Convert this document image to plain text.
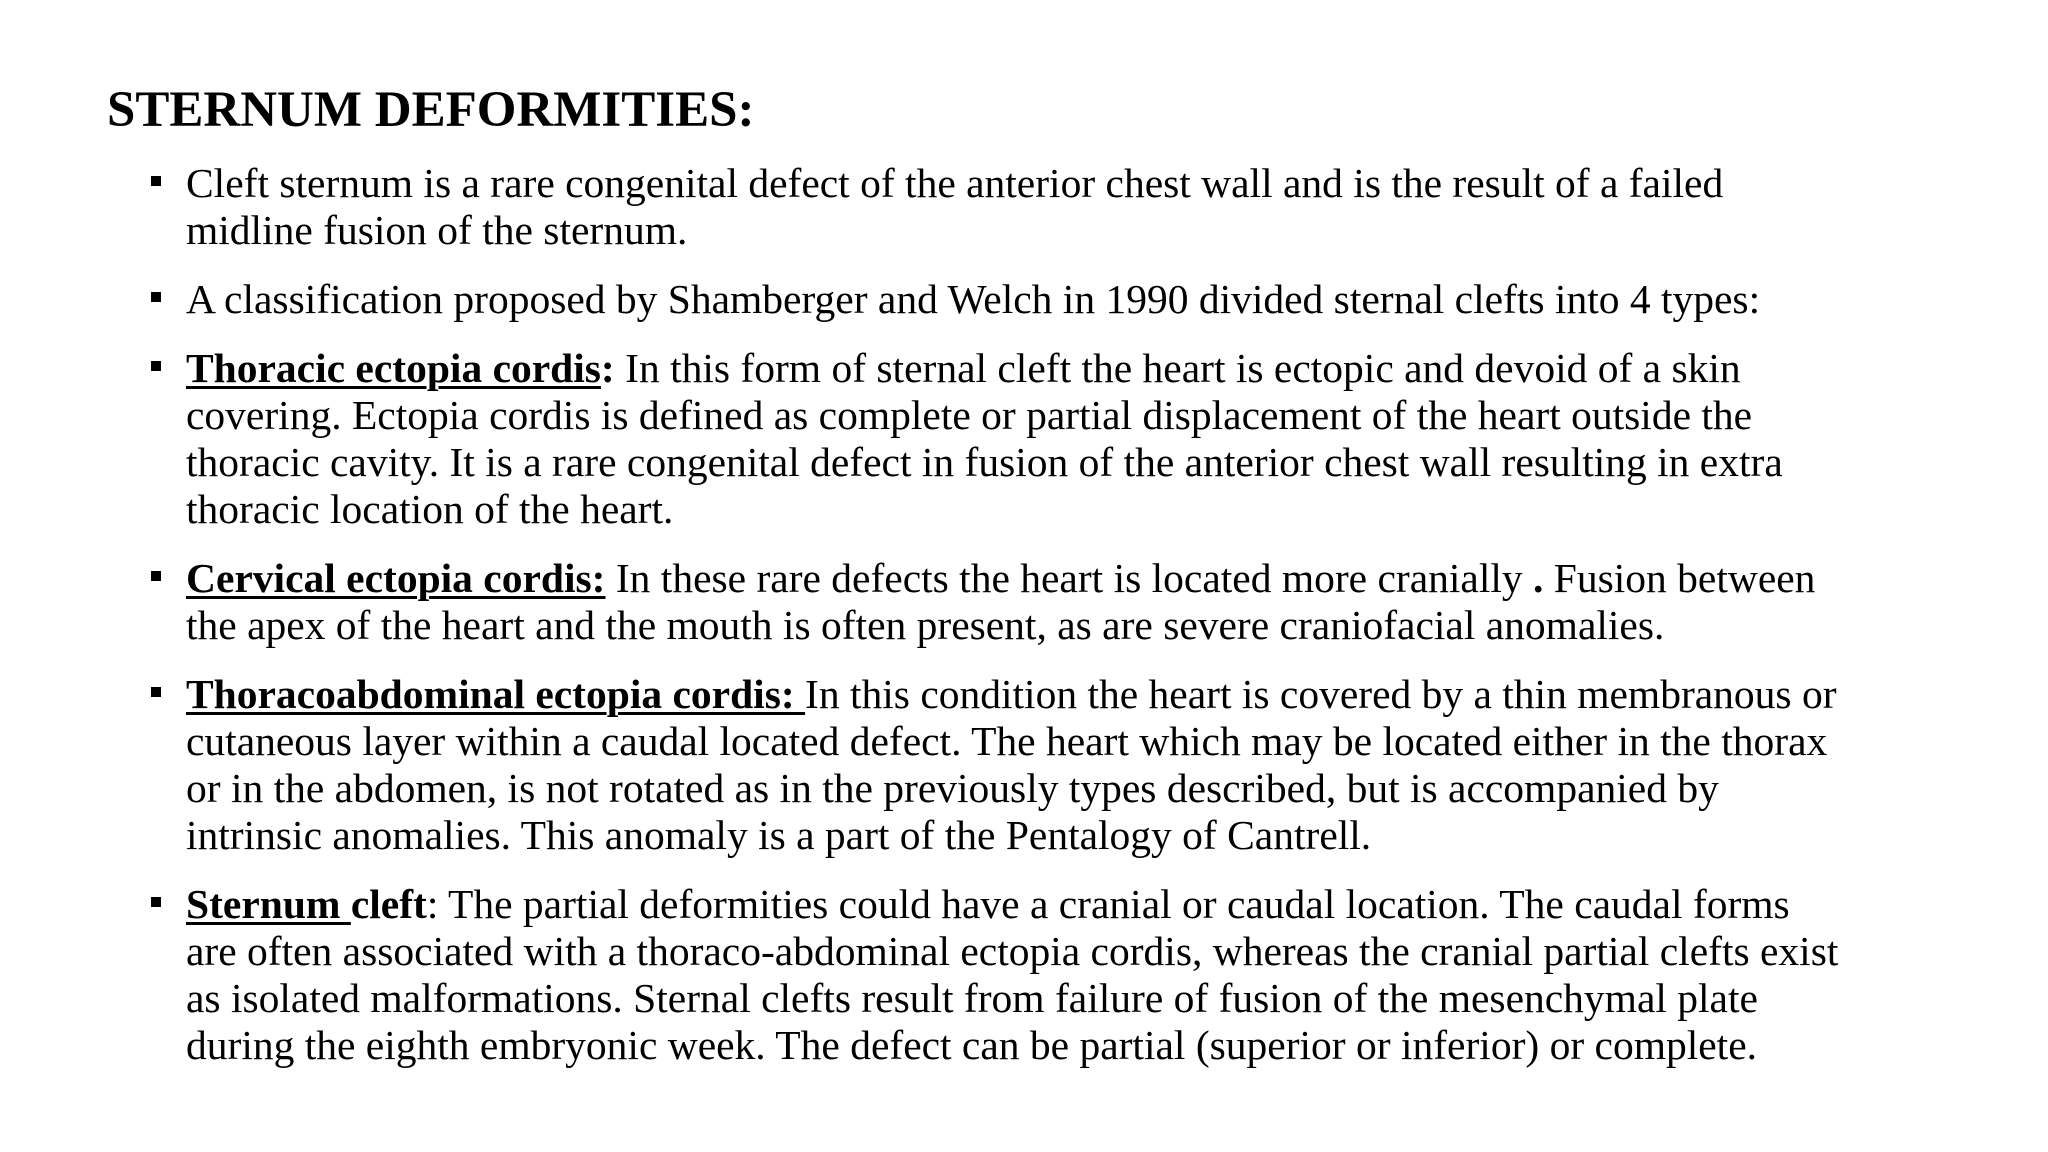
STERNUM DEFORMITIES:

Cleft sternum is a rare congenital defect of the anterior chest wall and is the result of a failed

midline fusion of the sternum.

A classification proposed by Shamberger and Welch in 1990 divided sternal clefts into 4 types:

Thoracic ectopia cordis: In this form of sternal cleft the heart is ectopic and devoid of a skin

covering. Ectopia cordis is defined as complete or partial displacement of the heart outside the

thoracic cavity. It is a rare congenital defect in fusion of the anterior chest wall resulting in extra

thoracic location of the heart.

Cervical ectopia cordis: In these rare defects the heart is located more cranially . Fusion between

the apex of the heart and the mouth is often present, as are severe craniofacial anomalies.

Thoracoabdominal ectopia cordis: In this condition the heart is covered by a thin membranous or

cutaneous layer within a caudal located defect. The heart which may be located either in the thorax

or in the abdomen, is not rotated as in the previously types described, but is accompanied by

intrinsic anomalies. This anomaly is a part of the Pentalogy of Cantrell.

Sternum cleft: The partial deformities could have a cranial or caudal location. The caudal forms

are often associated with a thoraco-abdominal ectopia cordis, whereas the cranial partial clefts exist

as isolated malformations. Sternal clefts result from failure of fusion of the mesenchymal plate

during the eighth embryonic week. The defect can be partial (superior or inferior) or complete.
